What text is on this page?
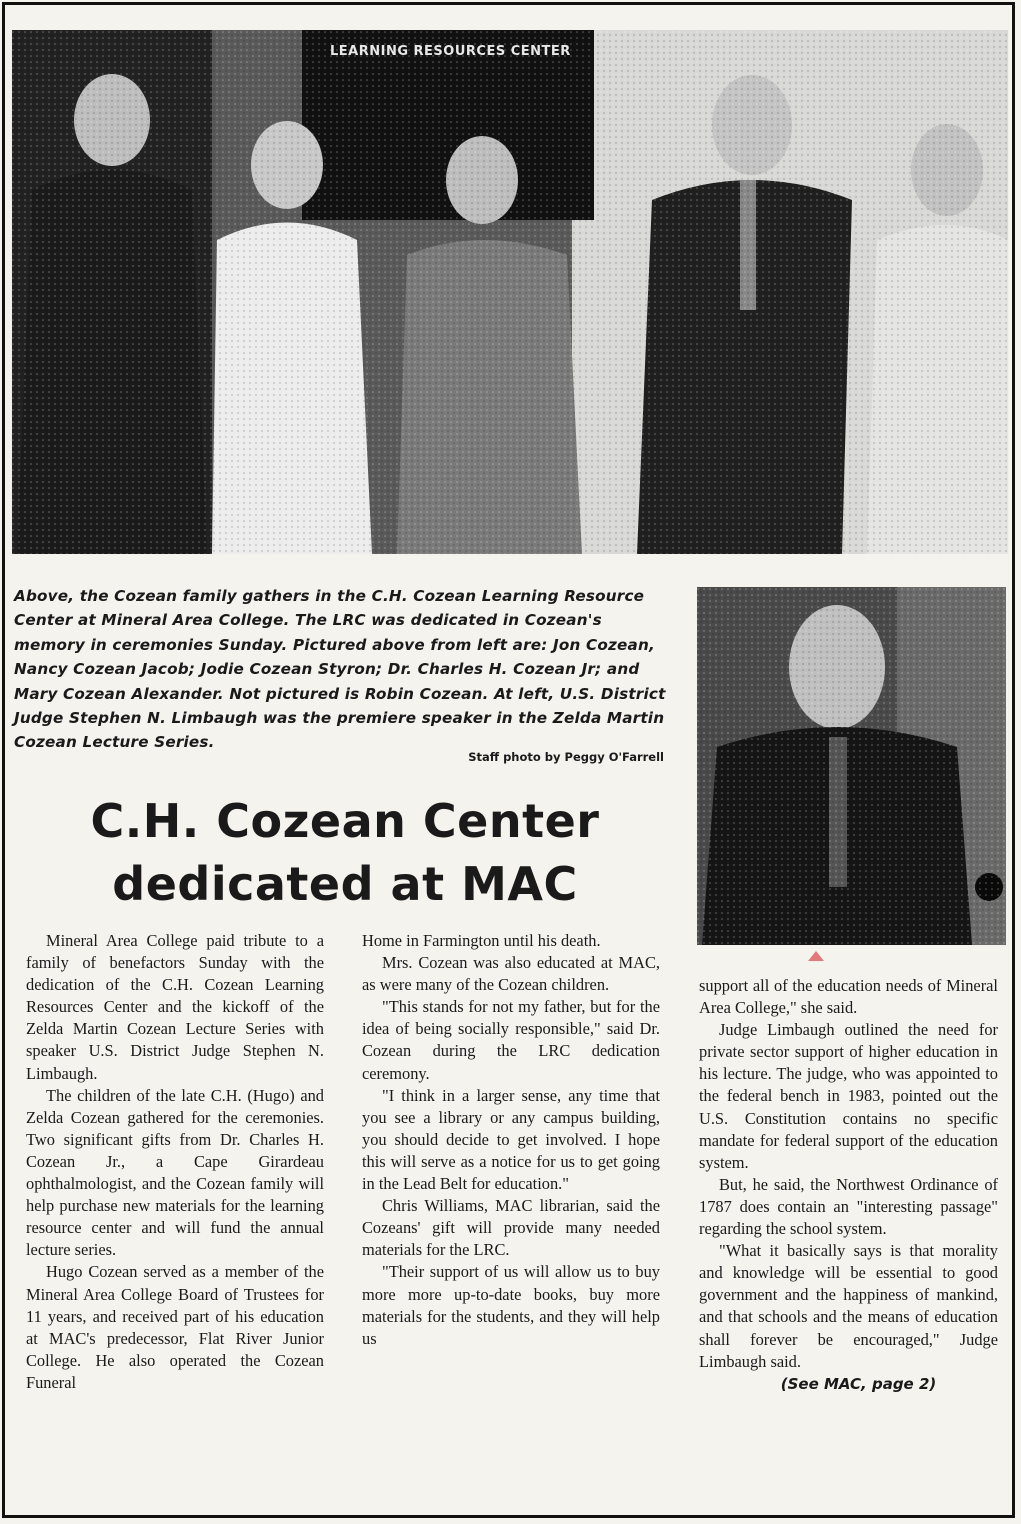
LEARNING RESOURCES CENTER
Above, the Cozean family gathers in the C.H. Cozean Learning Resource Center at Mineral Area College. The LRC was dedicated in Cozean's memory in ceremonies Sunday. Pictured above from left are: Jon Cozean, Nancy Cozean Jacob; Jodie Cozean Styron; Dr. Charles H. Cozean Jr; and Mary Cozean Alexander. Not pictured is Robin Cozean. At left, U.S. District Judge Stephen N. Limbaugh was the premiere speaker in the Zelda Martin Cozean Lecture Series.
Staff photo by Peggy O'Farrell
C.H. Cozean Center
dedicated at MAC

Mineral Area College paid tribute to a family of benefactors Sunday with the dedication of the C.H. Cozean Learning Resources Center and the kickoff of the Zelda Martin Cozean Lecture Series with speaker U.S. District Judge Stephen N. Limbaugh.

The children of the late C.H. (Hugo) and Zelda Cozean gathered for the ceremonies. Two significant gifts from Dr. Charles H. Cozean Jr., a Cape Girardeau ophthalmologist, and the Cozean family will help purchase new materials for the learning resource center and will fund the annual lecture series.

Hugo Cozean served as a member of the Mineral Area College Board of Trustees for 11 years, and received part of his education at MAC's predecessor, Flat River Junior College. He also operated the Cozean Funeral

Home in Farmington until his death.

Mrs. Cozean was also educated at MAC, as were many of the Cozean children.

"This stands for not my father, but for the idea of being socially responsible," said Dr. Cozean during the LRC dedication ceremony.

"I think in a larger sense, any time that you see a library or any campus building, you should decide to get involved. I hope this will serve as a notice for us to get going in the Lead Belt for education."

Chris Williams, MAC librarian, said the Cozeans' gift will provide many needed materials for the LRC.

"Their support of us will allow us to buy more more up-to-date books, buy more materials for the students, and they will help us

support all of the education needs of Mineral Area College," she said.

Judge Limbaugh outlined the need for private sector support of higher education in his lecture. The judge, who was appointed to the federal bench in 1983, pointed out the U.S. Constitution contains no specific mandate for federal support of the education system.

But, he said, the Northwest Ordinance of 1787 does contain an "interesting passage" regarding the school system.

"What it basically says is that morality and knowledge will be essential to good government and the happiness of mankind, and that schools and the means of education shall forever be encouraged," Judge Limbaugh said.

(See MAC, page 2)
